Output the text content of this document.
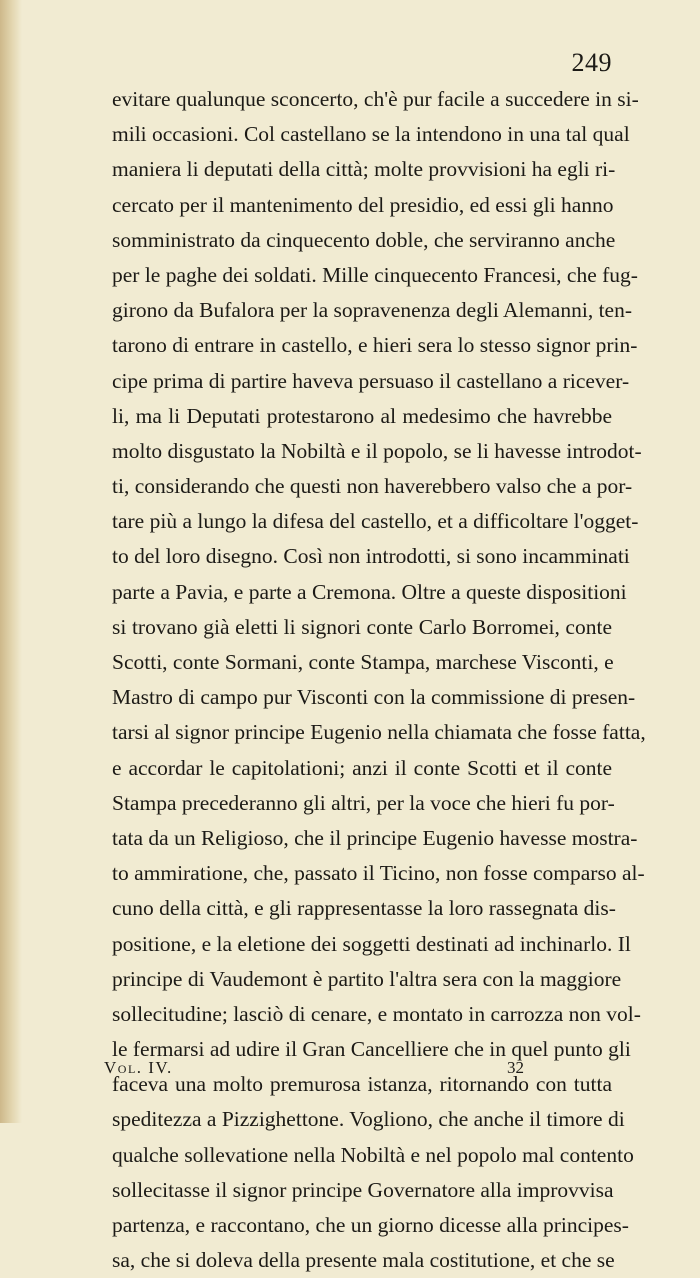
249
evitare qualunque sconcerto, ch'è pur facile a succedere in si-
mili occasioni. Col castellano se la intendono in una tal qual
maniera li deputati della città; molte provvisioni ha egli ri-
cercato per il mantenimento del presidio, ed essi gli hanno
somministrato da cinquecento doble, che serviranno anche
per le paghe dei soldati. Mille cinquecento Francesi, che fug-
girono da Bufalora per la sopravenenza degli Alemanni, ten-
tarono di entrare in castello, e hieri sera lo stesso signor prin-
cipe prima di partire haveva persuaso il castellano a ricever-
li, ma li Deputati protestarono al medesimo che havrebbe
molto disgustato la Nobiltà e il popolo, se li havesse introdot-
ti, considerando che questi non haverebbero valso che a por-
tare più a lungo la difesa del castello, et a difficoltare l'ogget-
to del loro disegno. Così non introdotti, si sono incamminati
parte a Pavia, e parte a Cremona. Oltre a queste dispositioni
si trovano già eletti li signori conte Carlo Borromei, conte
Scotti, conte Sormani, conte Stampa, marchese Visconti, e
Mastro di campo pur Visconti con la commissione di presen-
tarsi al signor principe Eugenio nella chiamata che fosse fatta,
e accordar le capitolationi; anzi il conte Scotti et il conte
Stampa precederanno gli altri, per la voce che hieri fu por-
tata da un Religioso, che il principe Eugenio havesse mostra-
to ammiratione, che, passato il Ticino, non fosse comparso al-
cuno della città, e gli rappresentasse la loro rassegnata dis-
positione, e la eletione dei soggetti destinati ad inchinarlo. Il
principe di Vaudemont è partito l'altra sera con la maggiore
sollecitudine; lasciò di cenare, e montato in carrozza non vol-
le fermarsi ad udire il Gran Cancelliere che in quel punto gli
faceva una molto premurosa istanza, ritornando con tutta
speditezza a Pizzighettone. Vogliono, che anche il timore di
qualche sollevatione nella Nobiltà e nel popolo mal contento
sollecitasse il signor principe Governatore alla improvvisa
partenza, e raccontano, che un giorno dicesse alla principes-
sa, che si doleva della presente mala costitutione, et che se
Vol. IV.	32
